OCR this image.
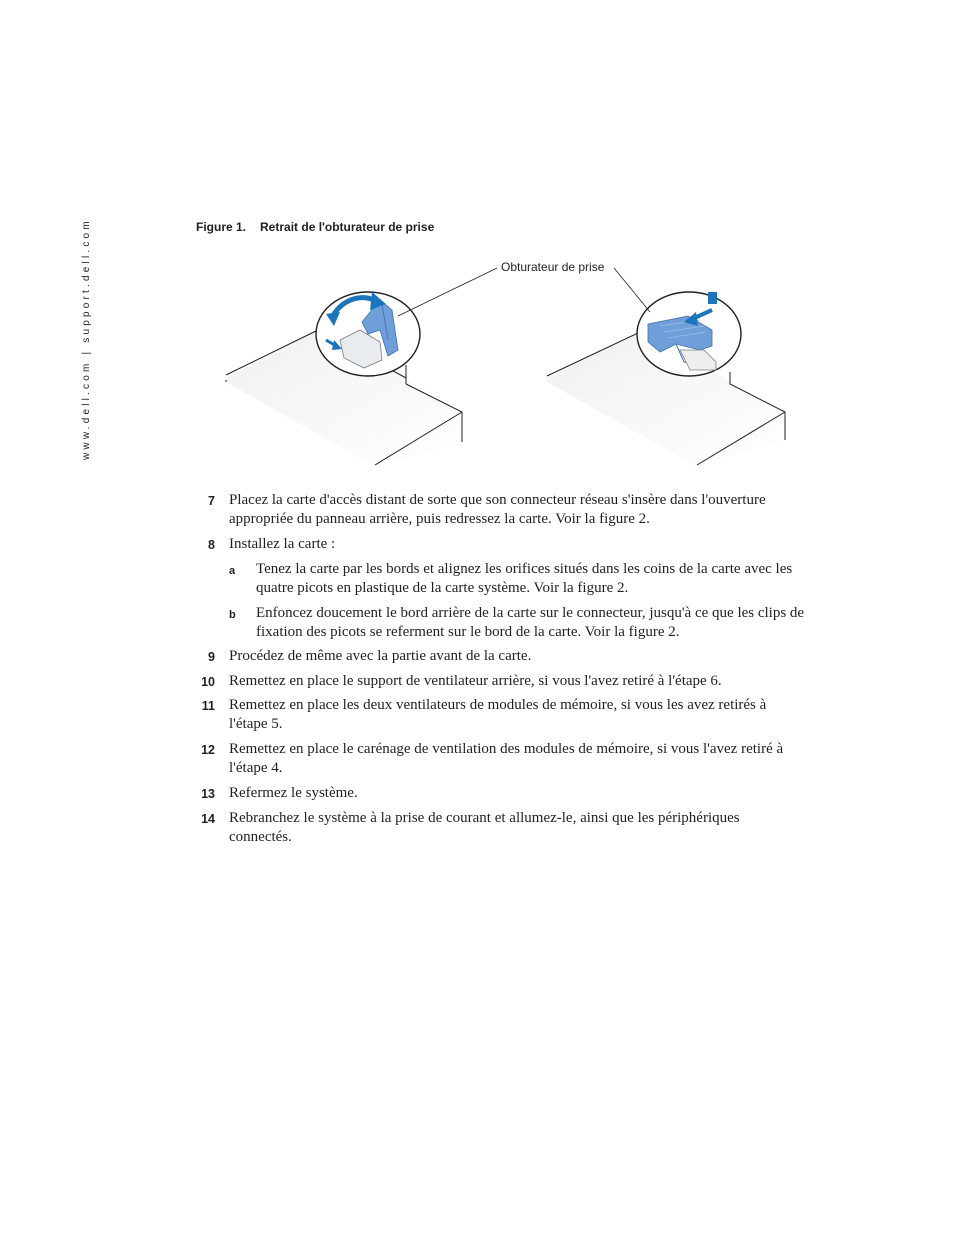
www.dell.com | support.dell.com	Figure 1. Retrait de l'obturateur de prise
Obturateur de prise
7 Placez la carte d'accès distant de sorte que son connecteur réseau s'insère dans l'ouverture appropriée du panneau arrière, puis redressez la carte. Voir la figure 2.
8 Installez la carte :
a	Tenez la carte par les bords et alignez les orifices situés dans les coins de la carte avec les quatre picots en plastique de la carte système. Voir la figure 2.
b	Enfoncez doucement le bord arrière de la carte sur le connecteur, jusqu'à ce que les clips de fixation des picots se referment sur le bord de la carte. Voir la figure 2.
9 Procédez de même avec la partie avant de la carte.
10 Remettez en place le support de ventilateur arrière, si vous l'avez retiré à l'étape 6.
11 Remettez en place les deux ventilateurs de modules de mémoire, si vous les avez retirés à l'étape 5.
12 Remettez en place le carénage de ventilation des modules de mémoire, si vous l'avez retiré à l'étape 4.
13 Refermez le système.
14 Rebranchez le système à la prise de courant et allumez-le, ainsi que les périphériques connectés.
